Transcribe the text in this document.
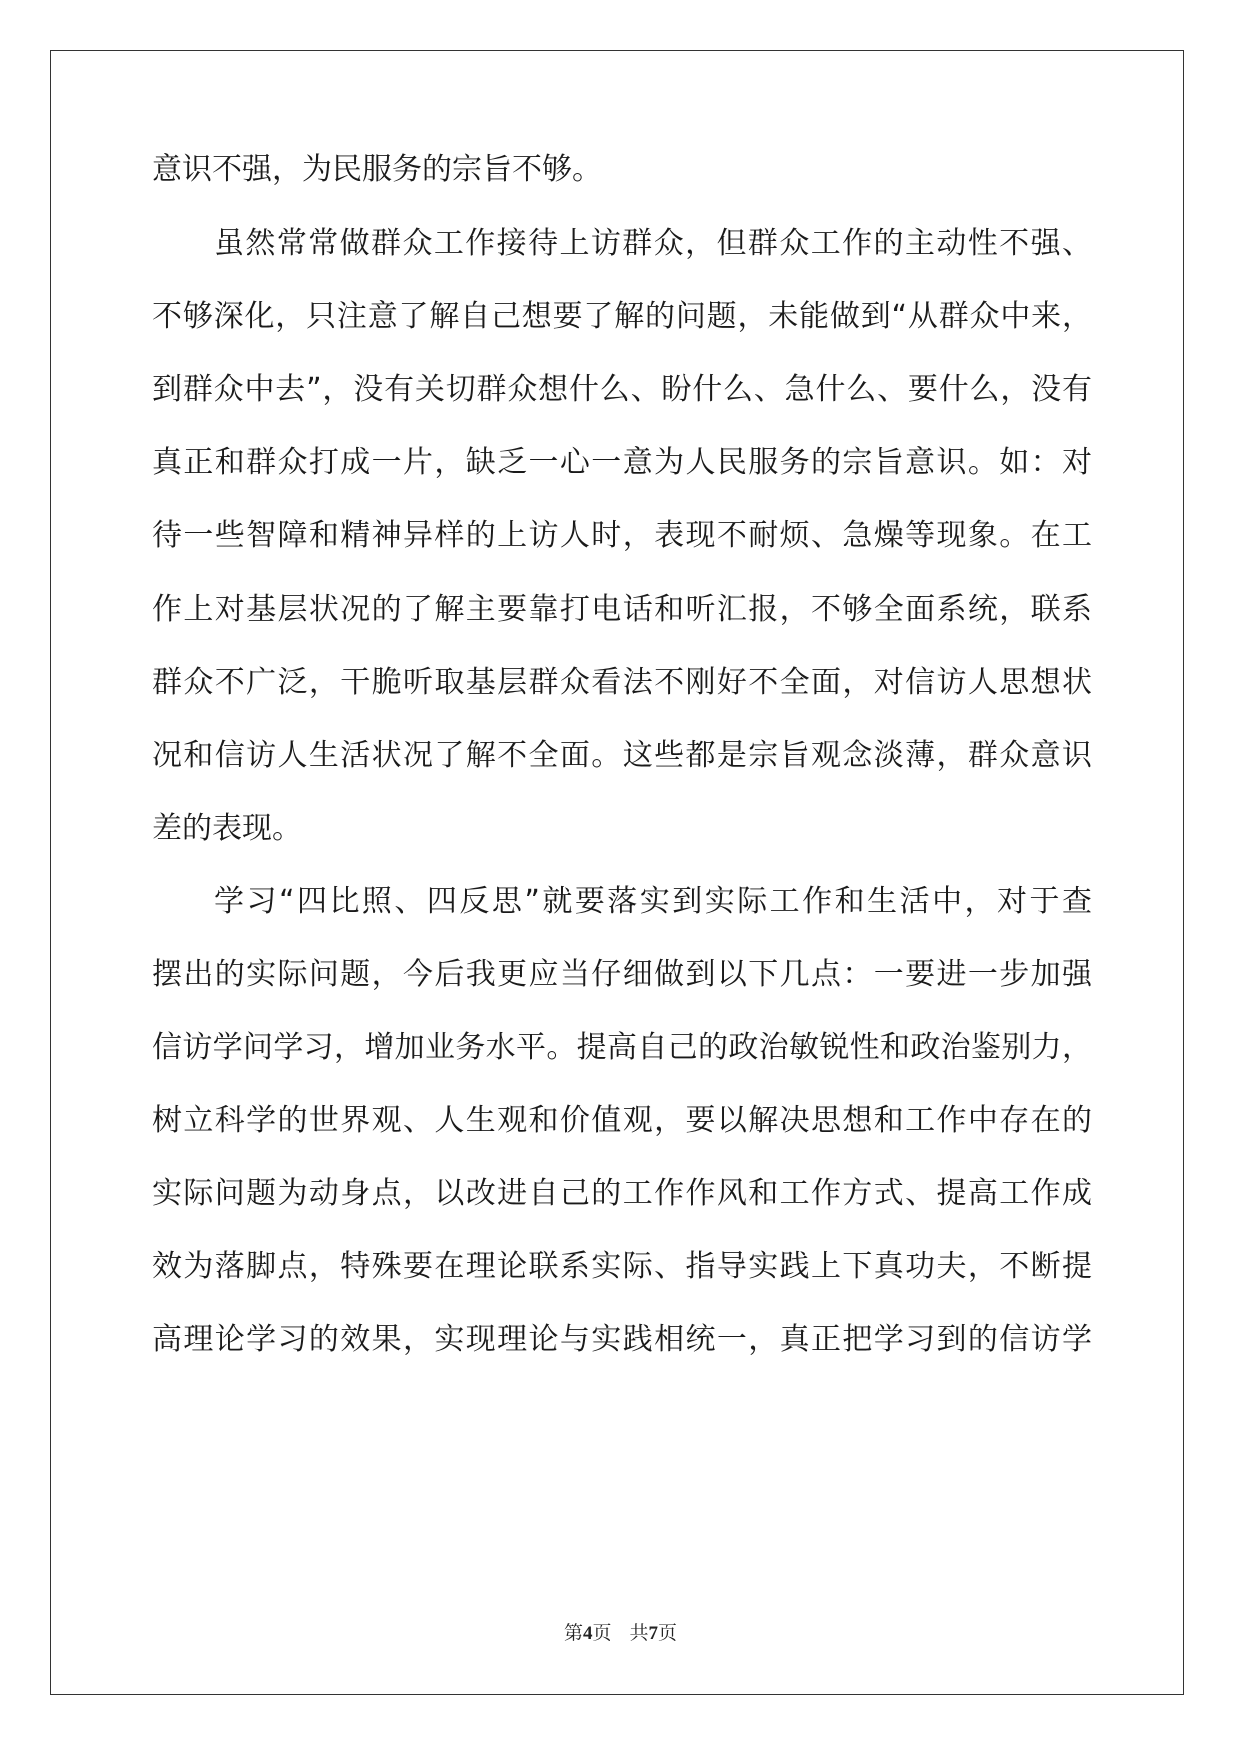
意识不强，为民服务的宗旨不够。
虽然常常做群众工作接待上访群众，但群众工作的主动性不强、
不够深化，只注意了解自己想要了解的问题，未能做到“从群众中来，
到群众中去”，没有关切群众想什么、盼什么、急什么、要什么，没有
真正和群众打成一片，缺乏一心一意为人民服务的宗旨意识。如：对
待一些智障和精神异样的上访人时，表现不耐烦、急燥等现象。在工
作上对基层状况的了解主要靠打电话和听汇报，不够全面系统，联系
群众不广泛，干脆听取基层群众看法不刚好不全面，对信访人思想状
况和信访人生活状况了解不全面。这些都是宗旨观念淡薄，群众意识
差的表现。
学习“四比照、四反思”就要落实到实际工作和生活中，对于查
摆出的实际问题，今后我更应当仔细做到以下几点：一要进一步加强
信访学问学习，增加业务水平。提高自己的政治敏锐性和政治鉴别力，
树立科学的世界观、人生观和价值观，要以解决思想和工作中存在的
实际问题为动身点，以改进自己的工作作风和工作方式、提高工作成
效为落脚点，特殊要在理论联系实际、指导实践上下真功夫，不断提
高理论学习的效果，实现理论与实践相统一，真正把学习到的信访学
第4页 共7页
